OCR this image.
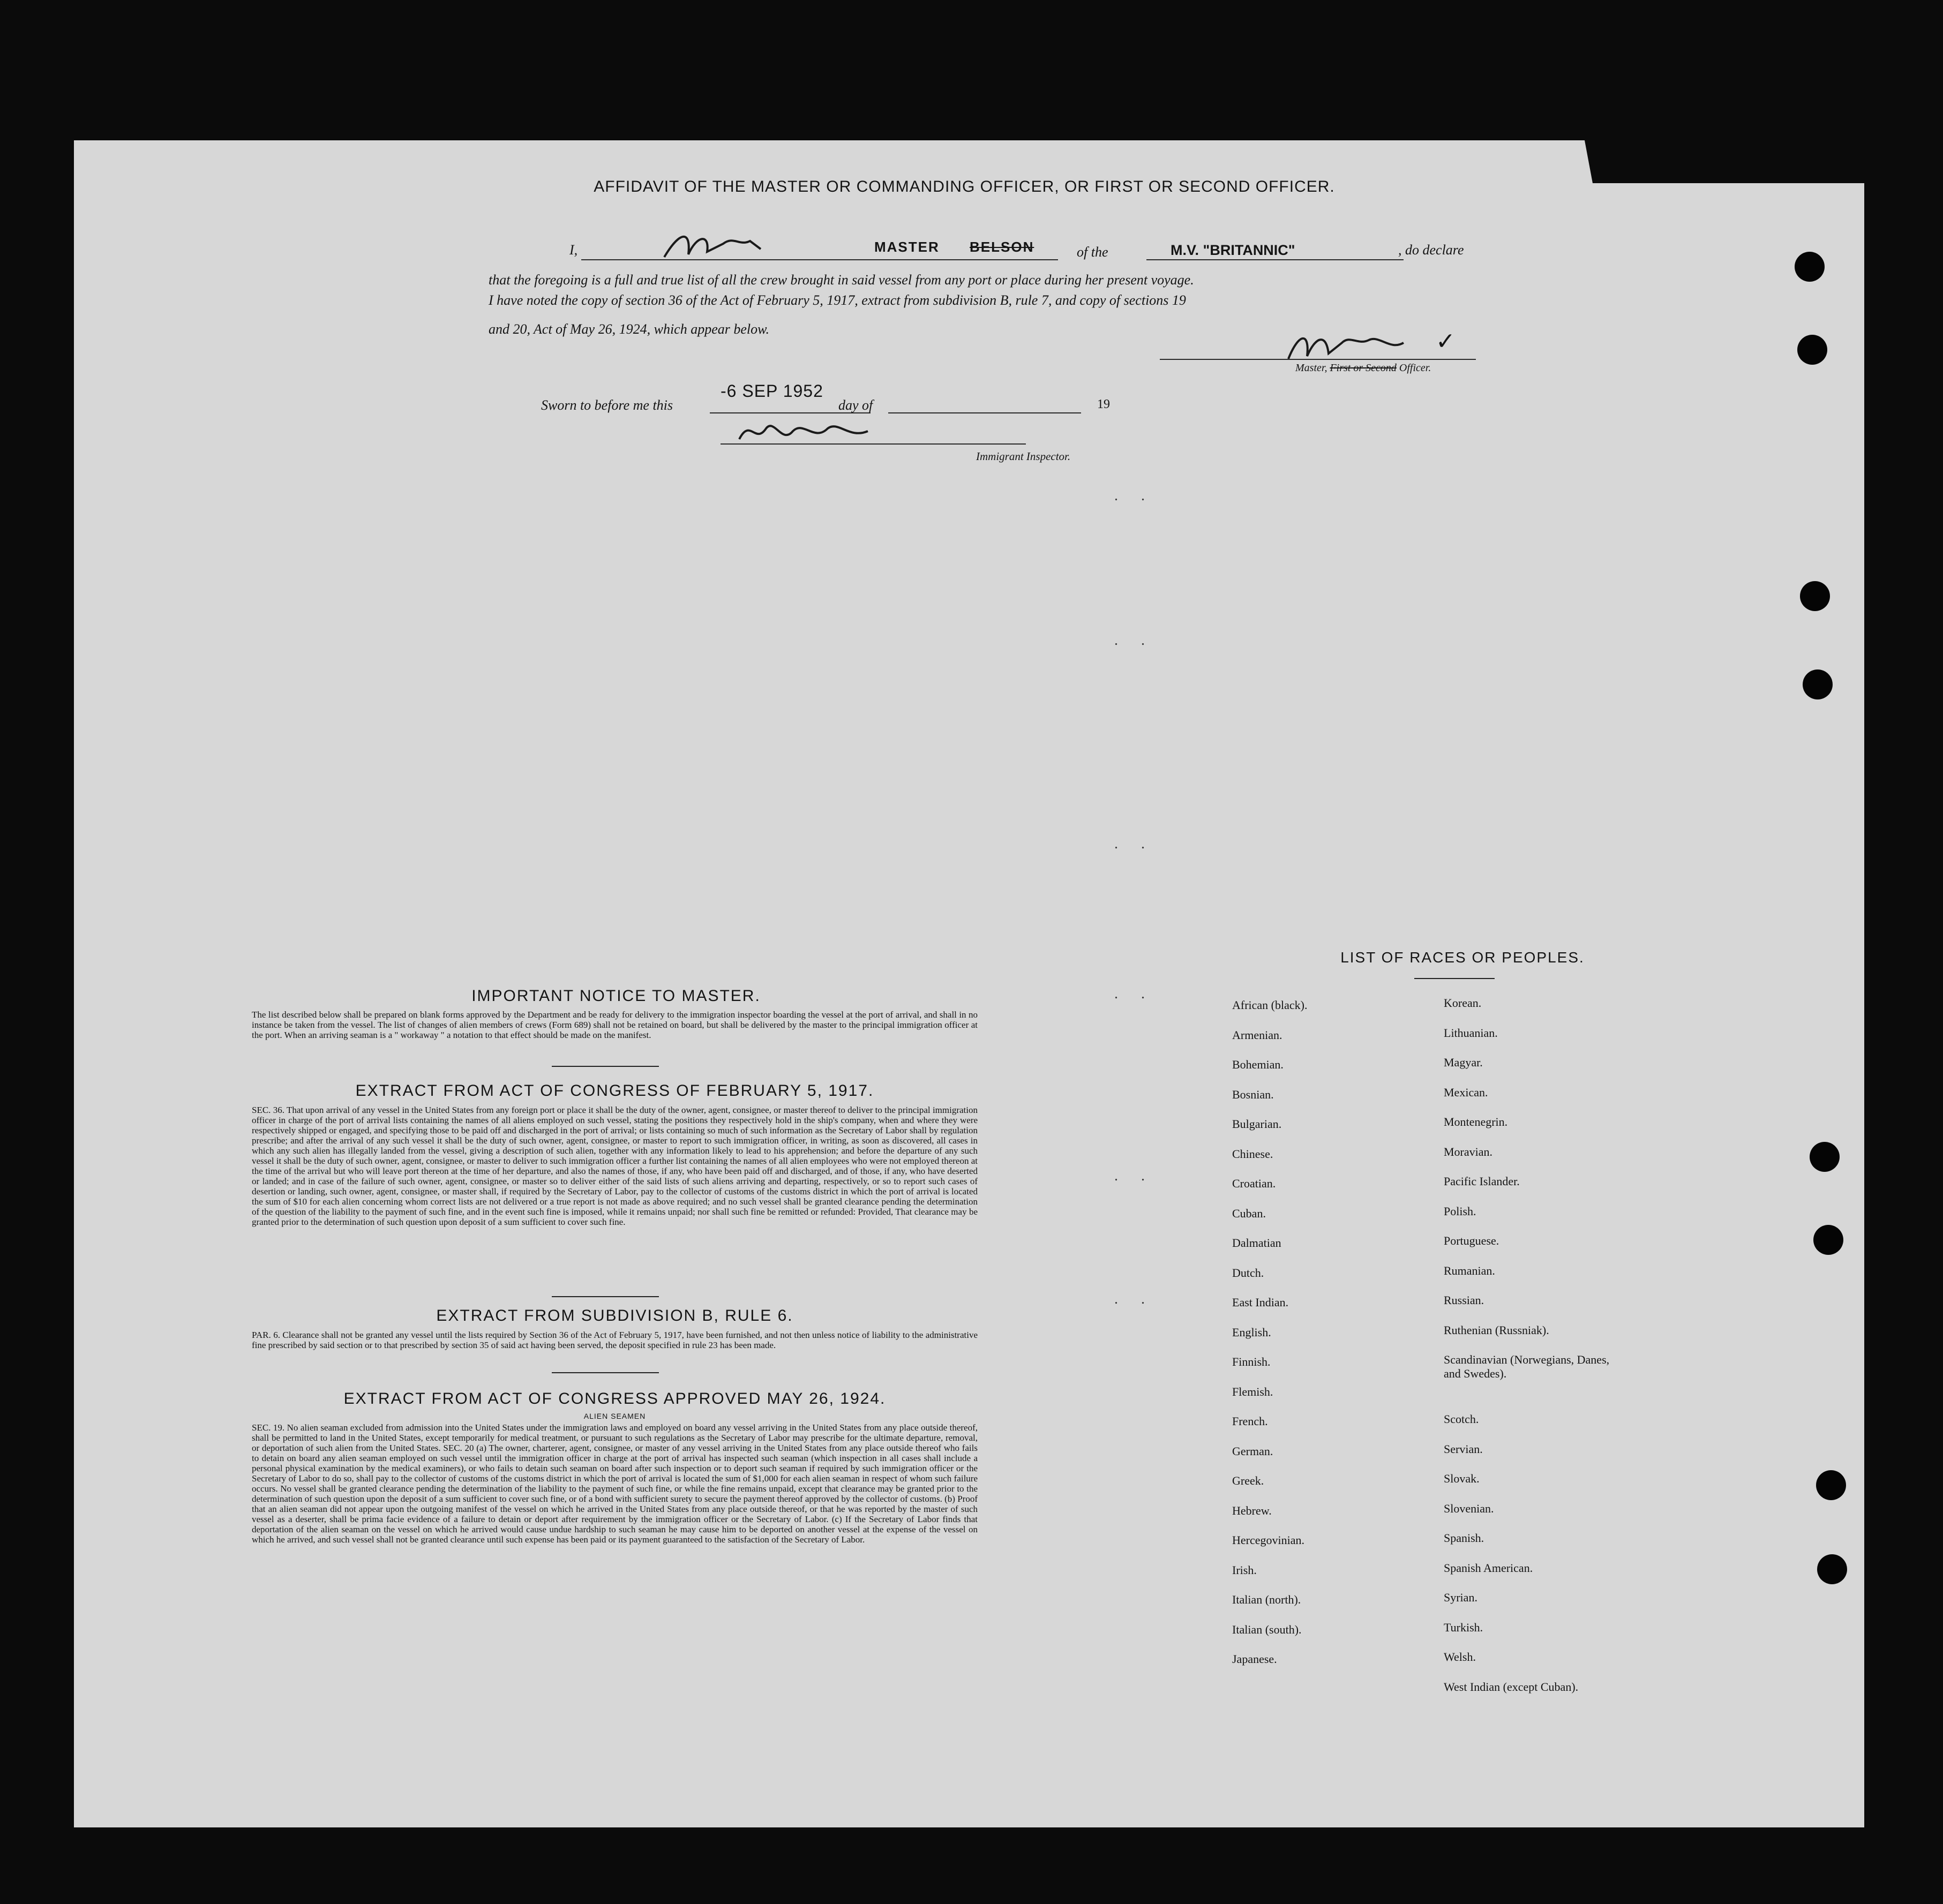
AFFIDAVIT OF THE MASTER OR COMMANDING OFFICER, OR FIRST OR SECOND OFFICER.
I,	MASTER BELSON	of the	M.V. "BRITANNIC"	, do declare
that the foregoing is a full and true list of all the crew brought in said vessel from any port or place during her present voyage.
I have noted the copy of section 36 of the Act of February 5, 1917, extract from subdivision B, rule 7, and copy of sections 19
and 20, Act of May 26, 1924, which appear below.	✓
Master, First or Second Officer.
Sworn to before me this
-6 SEP 1952
day of	19
Immigrant Inspector.
. .
. .
. .
. .
. .
. .
IMPORTANT NOTICE TO MASTER.
The list described below shall be prepared on blank forms approved by the Department and be ready for delivery to the immigration inspector boarding the vessel at the port of arrival, and shall in no instance be taken from the vessel. The list of changes of alien members of crews (Form 689) shall not be retained on board, but shall be delivered by the master to the principal immigration officer at the port. When an arriving seaman is a " workaway " a notation to that effect should be made on the manifest.
EXTRACT FROM ACT OF CONGRESS OF FEBRUARY 5, 1917.
SEC. 36. That upon arrival of any vessel in the United States from any foreign port or place it shall be the duty of the owner, agent, consignee, or master thereof to deliver to the principal immigration officer in charge of the port of arrival lists containing the names of all aliens employed on such vessel, stating the positions they respectively hold in the ship's company, when and where they were respectively shipped or engaged, and specifying those to be paid off and discharged in the port of arrival; or lists containing so much of such information as the Secretary of Labor shall by regulation prescribe; and after the arrival of any such vessel it shall be the duty of such owner, agent, consignee, or master to report to such immigration officer, in writing, as soon as discovered, all cases in which any such alien has illegally landed from the vessel, giving a description of such alien, together with any information likely to lead to his apprehension; and before the departure of any such vessel it shall be the duty of such owner, agent, consignee, or master to deliver to such immigration officer a further list containing the names of all alien employees who were not employed thereon at the time of the arrival but who will leave port thereon at the time of her departure, and also the names of those, if any, who have been paid off and discharged, and of those, if any, who have deserted or landed; and in case of the failure of such owner, agent, consignee, or master so to deliver either of the said lists of such aliens arriving and departing, respectively, or so to report such cases of desertion or landing, such owner, agent, consignee, or master shall, if required by the Secretary of Labor, pay to the collector of customs of the customs district in which the port of arrival is located the sum of $10 for each alien concerning whom correct lists are not delivered or a true report is not made as above required; and no such vessel shall be granted clearance pending the determination of the question of the liability to the payment of such fine, and in the event such fine is imposed, while it remains unpaid; nor shall such fine be remitted or refunded: Provided, That clearance may be granted prior to the determination of such question upon deposit of a sum sufficient to cover such fine.
EXTRACT FROM SUBDIVISION B, RULE 6.
PAR. 6. Clearance shall not be granted any vessel until the lists required by Section 36 of the Act of February 5, 1917, have been furnished, and not then unless notice of liability to the administrative fine prescribed by said section or to that prescribed by section 35 of said act having been served, the deposit specified in rule 23 has been made.
EXTRACT FROM ACT OF CONGRESS APPROVED MAY 26, 1924.
ALIEN SEAMEN
SEC. 19. No alien seaman excluded from admission into the United States under the immigration laws and employed on board any vessel arriving in the United States from any place outside thereof, shall be permitted to land in the United States, except temporarily for medical treatment, or pursuant to such regulations as the Secretary of Labor may prescribe for the ultimate departure, removal, or deportation of such alien from the United States. SEC. 20 (a) The owner, charterer, agent, consignee, or master of any vessel arriving in the United States from any place outside thereof who fails to detain on board any alien seaman employed on such vessel until the immigration officer in charge at the port of arrival has inspected such seaman (which inspection in all cases shall include a personal physical examination by the medical examiners), or who fails to detain such seaman on board after such inspection or to deport such seaman if required by such immigration officer or the Secretary of Labor to do so, shall pay to the collector of customs of the customs district in which the port of arrival is located the sum of $1,000 for each alien seaman in respect of whom such failure occurs. No vessel shall be granted clearance pending the determination of the liability to the payment of such fine, or while the fine remains unpaid, except that clearance may be granted prior to the determination of such question upon the deposit of a sum sufficient to cover such fine, or of a bond with sufficient surety to secure the payment thereof approved by the collector of customs. (b) Proof that an alien seaman did not appear upon the outgoing manifest of the vessel on which he arrived in the United States from any place outside thereof, or that he was reported by the master of such vessel as a deserter, shall be prima facie evidence of a failure to detain or deport after requirement by the immigration officer or the Secretary of Labor. (c) If the Secretary of Labor finds that deportation of the alien seaman on the vessel on which he arrived would cause undue hardship to such seaman he may cause him to be deported on another vessel at the expense of the vessel on which he arrived, and such vessel shall not be granted clearance until such expense has been paid or its payment guaranteed to the satisfaction of the Secretary of Labor.
LIST OF RACES OR PEOPLES.
African (black).
Armenian.
Bohemian.
Bosnian.
Bulgarian.
Chinese.
Croatian.
Cuban.
Dalmatian
Dutch.
East Indian.
English.
Finnish.
Flemish.
French.
German.
Greek.
Hebrew.
Hercegovinian.
Irish.
Italian (north).
Italian (south).
Japanese.
Korean.
Lithuanian.
Magyar.
Mexican.
Montenegrin.
Moravian.
Pacific Islander.
Polish.
Portuguese.
Rumanian.
Russian.
Ruthenian (Russniak).
Scandinavian (Norwegians, Danes, and Swedes).
Scotch.
Servian.
Slovak.
Slovenian.
Spanish.
Spanish American.
Syrian.
Turkish.
Welsh.
West Indian (except Cuban).
